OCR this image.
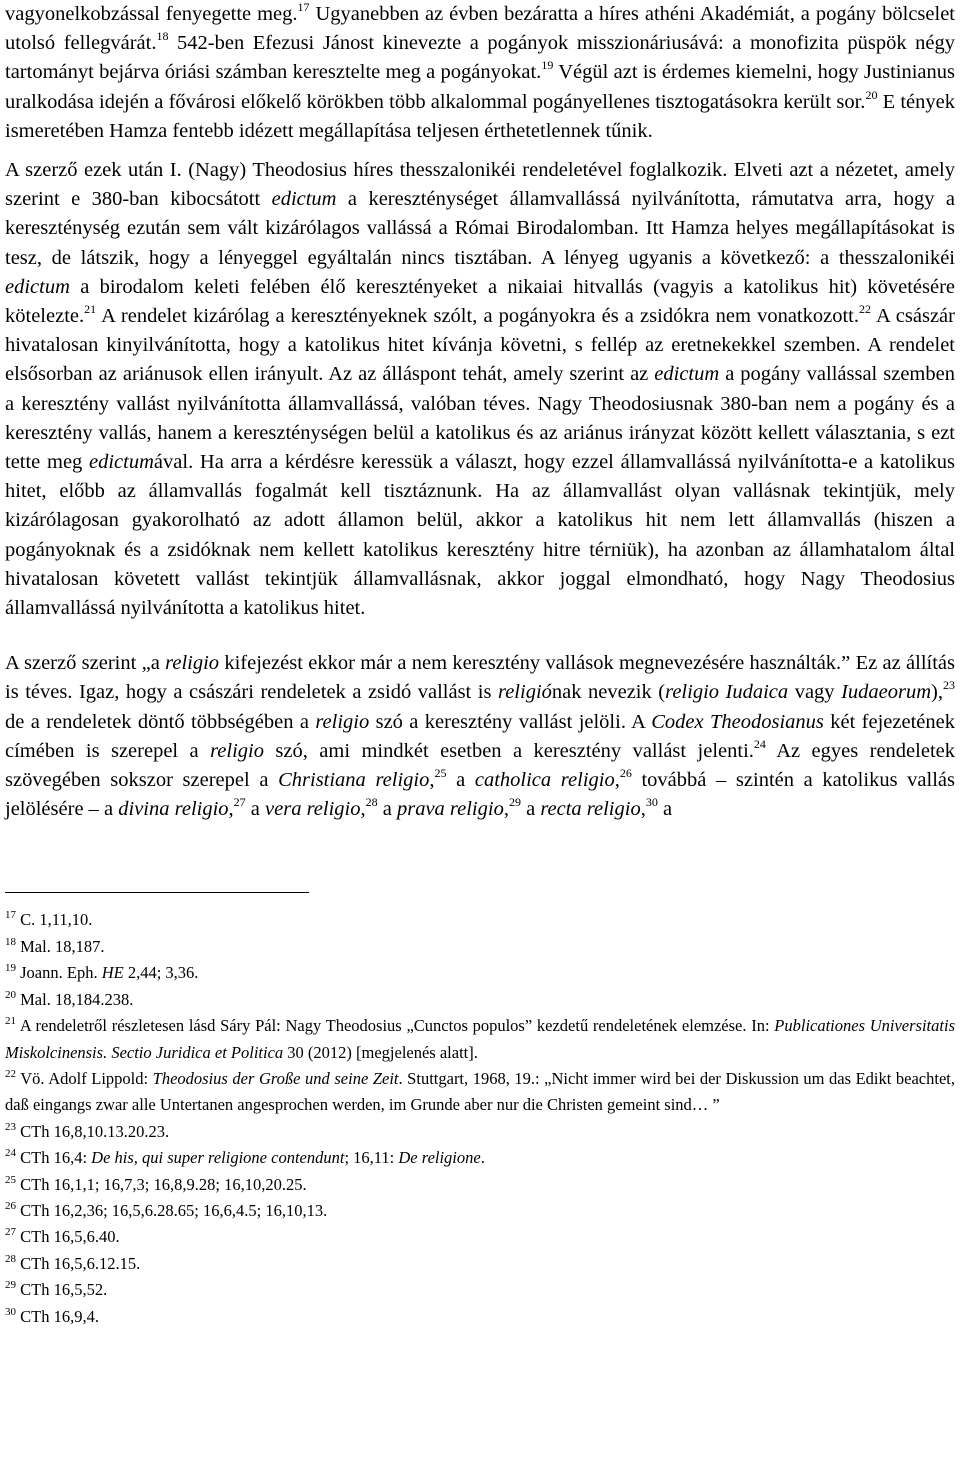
vagyonelkobzással fenyegette meg.$^{17}$ Ugyanebben az évben bezáratta a híres athéni Akadémiát, a pogány bölcselet utolsó fellegvárát.$^{18}$ 542-ben Efezusi Jánost kinevezte a pogányok misszionáriusává: a monofizita püspök négy tartományt bejárva óriási számban keresztelte meg a pogányokat.$^{19}$ Végül azt is érdemes kiemelni, hogy Justinianus uralkodása idején a fővárosi előkelő körökben több alkalommal pogányellenes tisztogatásokra került sor.$^{20}$ E tények ismeretében Hamza fentebb idézett megállapítása teljesen érthetetlennek tűnik.

A szerző ezek után I. (Nagy) Theodosius híres thesszalonikéi rendeletével foglalkozik. Elveti azt a nézetet, amely szerint e 380-ban kibocsátott edictum a kereszténységet államvallássá nyilvánította, rámutatva arra, hogy a kereszténység ezután sem vált kizárólagos vallássá a Római Birodalomban. Itt Hamza helyes megállapításokat is tesz, de látszik, hogy a lényeggel egyáltalán nincs tisztában. A lényeg ugyanis a következő: a thesszalonikéi edictum a birodalom keleti felében élő keresztényeket a nikaiai hitvallás (vagyis a katolikus hit) követésére kötelezte.$^{21}$ A rendelet kizárólag a keresztényeknek szólt, a pogányokra és a zsidókra nem vonatkozott.$^{22}$ A császár hivatalosan kinyilvánította, hogy a katolikus hitet kívánja követni, s fellép az eretnekekkel szemben. A rendelet elsősorban az ariánusok ellen irányult. Az az álláspont tehát, amely szerint az edictum a pogány vallással szemben a keresztény vallást nyilvánította államvallássá, valóban téves. Nagy Theodosiusnak 380-ban nem a pogány és a keresztény vallás, hanem a kereszténységen belül a katolikus és az ariánus irányzat között kellett választania, s ezt tette meg edictumával. Ha arra a kérdésre keressük a választ, hogy ezzel államvallássá nyilvánította-e a katolikus hitet, előbb az államvallás fogalmát kell tisztáznunk. Ha az államvallást olyan vallásnak tekintjük, mely kizárólagosan gyakorolható az adott államon belül, akkor a katolikus hit nem lett államvallás (hiszen a pogányoknak és a zsidóknak nem kellett katolikus keresztény hitre térniük), ha azonban az államhatalom által hivatalosan követett vallást tekintjük államvallásnak, akkor joggal elmondható, hogy Nagy Theodosius államvallássá nyilvánította a katolikus hitet.

A szerző szerint „a religio kifejezést ekkor már a nem keresztény vallások megnevezésére használták.” Ez az állítás is téves. Igaz, hogy a császári rendeletek a zsidó vallást is religiónak nevezik (religio Iudaica vagy Iudaeorum),$^{23}$ de a rendeletek döntő többségében a religio szó a keresztény vallást jelöli. A Codex Theodosianus két fejezetének címében is szerepel a religio szó, ami mindkét esetben a keresztény vallást jelenti.$^{24}$ Az egyes rendeletek szövegében sokszor szerepel a Christiana religio,$^{25}$ a catholica religio,$^{26}$ továbbá – szintén a katolikus vallás jelölésére – a divina religio,$^{27}$ a vera religio,$^{28}$ a prava religio,$^{29}$ a recta religio,$^{30}$ a

$^{17}$ C. 1,11,10.

$^{18}$ Mal. 18,187.

$^{19}$ Joann. Eph. HE 2,44; 3,36.

$^{20}$ Mal. 18,184.238.

$^{21}$ A rendeletről részletesen lásd Sáry Pál: Nagy Theodosius „Cunctos populos” kezdetű rendeletének elemzése. In: Publicationes Universitatis Miskolcinensis. Sectio Juridica et Politica 30 (2012) [megjelenés alatt].

$^{22}$ Vö. Adolf Lippold: Theodosius der Große und seine Zeit. Stuttgart, 1968, 19.: „Nicht immer wird bei der Diskussion um das Edikt beachtet, daß eingangs zwar alle Untertanen angesprochen werden, im Grunde aber nur die Christen gemeint sind… ”

$^{23}$ CTh 16,8,10.13.20.23.

$^{24}$ CTh 16,4: De his, qui super religione contendunt; 16,11: De religione.

$^{25}$ CTh 16,1,1; 16,7,3; 16,8,9.28; 16,10,20.25.

$^{26}$ CTh 16,2,36; 16,5,6.28.65; 16,6,4.5; 16,10,13.

$^{27}$ CTh 16,5,6.40.

$^{28}$ CTh 16,5,6.12.15.

$^{29}$ CTh 16,5,52.

$^{30}$ CTh 16,9,4.
